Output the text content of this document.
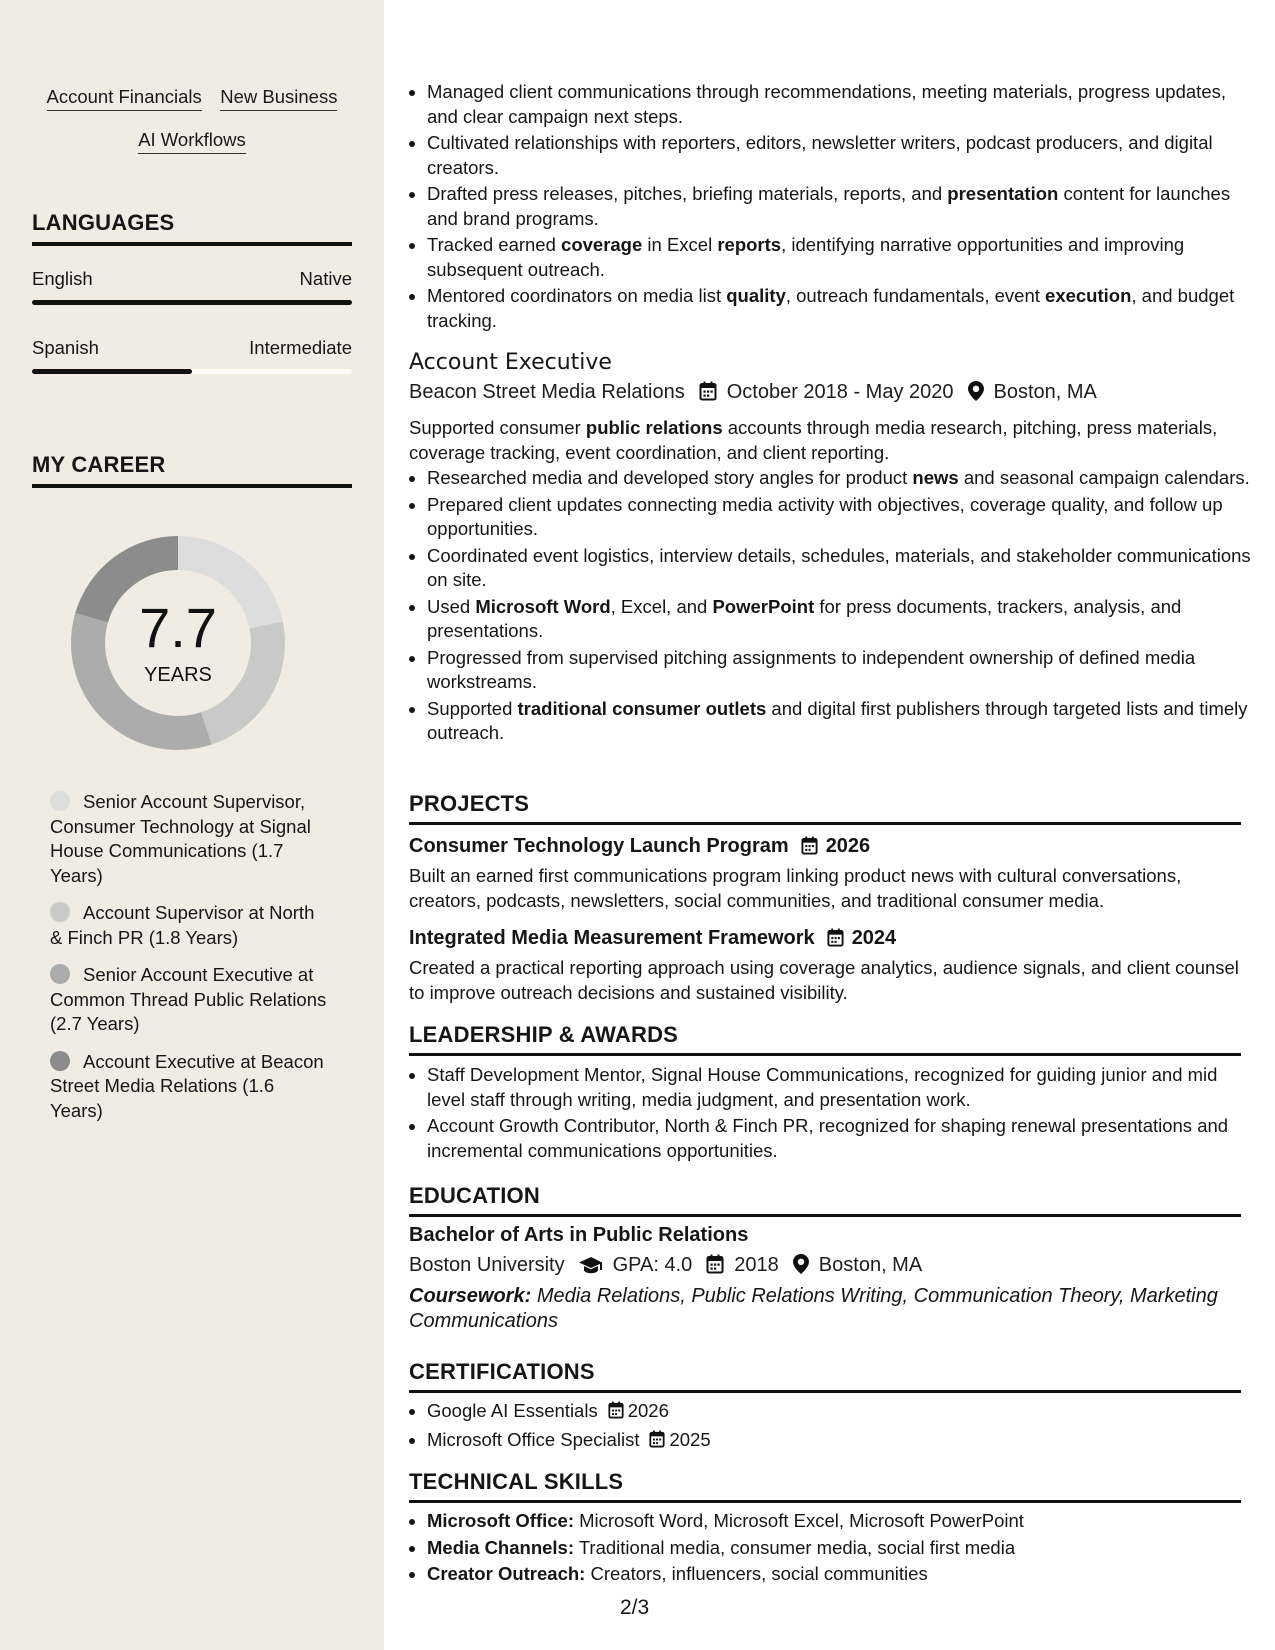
Account Financials New Business
AI Workflows
LANGUAGES
English	Native
Spanish	Intermediate
MY CAREER
7.7
YEARS
Senior Account Supervisor, Consumer Technology at Signal House Communications (1.7 Years)
Account Supervisor at North & Finch PR (1.8 Years)
Senior Account Executive at Common Thread Public Relations (2.7 Years)
Account Executive at Beacon Street Media Relations (1.6 Years)
• Managed client communications through recommendations, meeting materials, progress updates, and clear campaign next steps.
• Cultivated relationships with reporters, editors, newsletter writers, podcast producers, and digital creators.
• Drafted press releases, pitches, briefing materials, reports, and presentation content for launches and brand programs.
• Tracked earned coverage in Excel reports, identifying narrative opportunities and improving subsequent outreach.
• Mentored coordinators on media list quality, outreach fundamentals, event execution, and budget tracking.
Account Executive
Beacon Street Media Relations October 2018 - May 2020 Boston, MA
Supported consumer public relations accounts through media research, pitching, press materials, coverage tracking, event coordination, and client reporting.
• Researched media and developed story angles for product news and seasonal campaign calendars.
• Prepared client updates connecting media activity with objectives, coverage quality, and follow up opportunities.
• Coordinated event logistics, interview details, schedules, materials, and stakeholder communications on site.
• Used Microsoft Word, Excel, and PowerPoint for press documents, trackers, analysis, and presentations.
• Progressed from supervised pitching assignments to independent ownership of defined media workstreams.
• Supported traditional consumer outlets and digital first publishers through targeted lists and timely outreach.
PROJECTS
Consumer Technology Launch Program 2026
Built an earned first communications program linking product news with cultural conversations, creators, podcasts, newsletters, social communities, and traditional consumer media.
Integrated Media Measurement Framework 2024
Created a practical reporting approach using coverage analytics, audience signals, and client counsel to improve outreach decisions and sustained visibility.
LEADERSHIP & AWARDS
• Staff Development Mentor, Signal House Communications, recognized for guiding junior and mid level staff through writing, media judgment, and presentation work.
• Account Growth Contributor, North & Finch PR, recognized for shaping renewal presentations and incremental communications opportunities.
EDUCATION
Bachelor of Arts in Public Relations
Boston University GPA: 4.0 2018 Boston, MA
Coursework: Media Relations, Public Relations Writing, Communication Theory, Marketing Communications
CERTIFICATIONS
• Google AI Essentials 2026
• Microsoft Office Specialist 2025
TECHNICAL SKILLS
• Microsoft Office: Microsoft Word, Microsoft Excel, Microsoft PowerPoint
• Media Channels: Traditional media, consumer media, social first media
• Creator Outreach: Creators, influencers, social communities
2/3
